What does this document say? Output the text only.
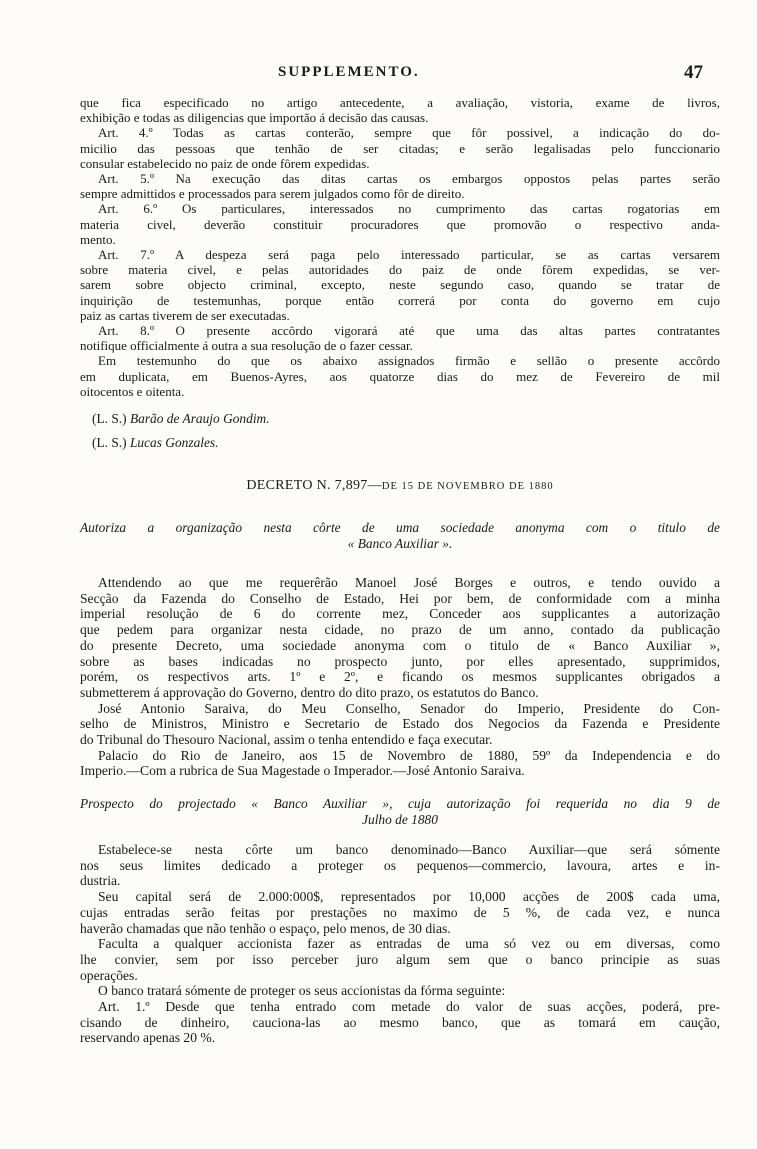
SUPPLEMENTO.	47

que fica especificado no artigo antecedente, a avaliação, vistoria, exame de livros,

exhibição e todas as diligencias que importão á decisão das causas.

Art. 4.º Todas as cartas conterão, sempre que fôr possivel, a indicação do do-

micilio das pessoas que tenhão de ser citadas; e serão legalisadas pelo funccionario

consular estabelecido no paiz de onde fôrem expedidas.

Art. 5.º Na execução das ditas cartas os embargos oppostos pelas partes serão

sempre admittidos e processados para serem julgados como fôr de direito.

Art. 6.º Os particulares, interessados no cumprimento das cartas rogatorias em

materia civel, deverão constituir procuradores que promovão o respectivo anda-

mento.

Art. 7.º A despeza será paga pelo interessado particular, se as cartas versarem

sobre materia civel, e pelas autoridades do paiz de onde fôrem expedidas, se ver-

sarem sobre objecto criminal, excepto, neste segundo caso, quando se tratar de

inquirição de testemunhas, porque então correrá por conta do governo em cujo

paiz as cartas tiverem de ser executadas.

Art. 8.º O presente accôrdo vigorará até que uma das altas partes contratantes

notifique officialmente á outra a sua resolução de o fazer cessar.

Em testemunho do que os abaixo assignados firmão e sellão o presente accôrdo

em duplicata, em Buenos-Ayres, aos quatorze dias do mez de Fevereiro de mil

oitocentos e oitenta.

(L. S.) Barão de Araujo Gondim.
(L. S.) Lucas Gonzales.
DECRETO N. 7,897—DE 15 DE NOVEMBRO DE 1880

Autoriza a organização nesta côrte de uma sociedade anonyma com o titulo de

« Banco Auxiliar ».

Attendendo ao que me requerêrão Manoel José Borges e outros, e tendo ouvido a

Secção da Fazenda do Conselho de Estado, Hei por bem, de conformidade com a minha

imperial resolução de 6 do corrente mez, Conceder aos supplicantes a autorização

que pedem para organizar nesta cidade, no prazo de um anno, contado da publicação

do presente Decreto, uma sociedade anonyma com o titulo de « Banco Auxiliar »,

sobre as bases indicadas no prospecto junto, por elles apresentado, supprimidos,

porém, os respectivos arts. 1º e 2º, e ficando os mesmos supplicantes obrigados a

submetterem á approvação do Governo, dentro do dito prazo, os estatutos do Banco.

José Antonio Saraiva, do Meu Conselho, Senador do Imperio, Presidente do Con-

selho de Ministros, Ministro e Secretario de Estado dos Negocios da Fazenda e Presidente

do Tribunal do Thesouro Nacional, assim o tenha entendido e faça executar.

Palacio do Rio de Janeiro, aos 15 de Novembro de 1880, 59º da Independencia e do

Imperio.—Com a rubrica de Sua Magestade o Imperador.—José Antonio Saraiva.

Prospecto do projectado « Banco Auxiliar », cuja autorização foi requerida no dia 9 de

Julho de 1880

Estabelece-se nesta côrte um banco denominado—Banco Auxiliar—que será sómente

nos seus limites dedicado a proteger os pequenos—commercio, lavoura, artes e in-

dustria.

Seu capital será de 2.000:000$, representados por 10,000 acções de 200$ cada uma,

cujas entradas serão feitas por prestações no maximo de 5 %, de cada vez, e nunca

haverão chamadas que não tenhão o espaço, pelo menos, de 30 dias.

Faculta a qualquer accionista fazer as entradas de uma só vez ou em diversas, como

lhe convier, sem por isso perceber juro algum sem que o banco principie as suas

operações.

O banco tratará sómente de proteger os seus accionistas da fórma seguinte:

Art. 1.º Desde que tenha entrado com metade do valor de suas acções, poderá, pre-

cisando de dinheiro, cauciona-las ao mesmo banco, que as tomará em caução,

reservando apenas 20 %.
